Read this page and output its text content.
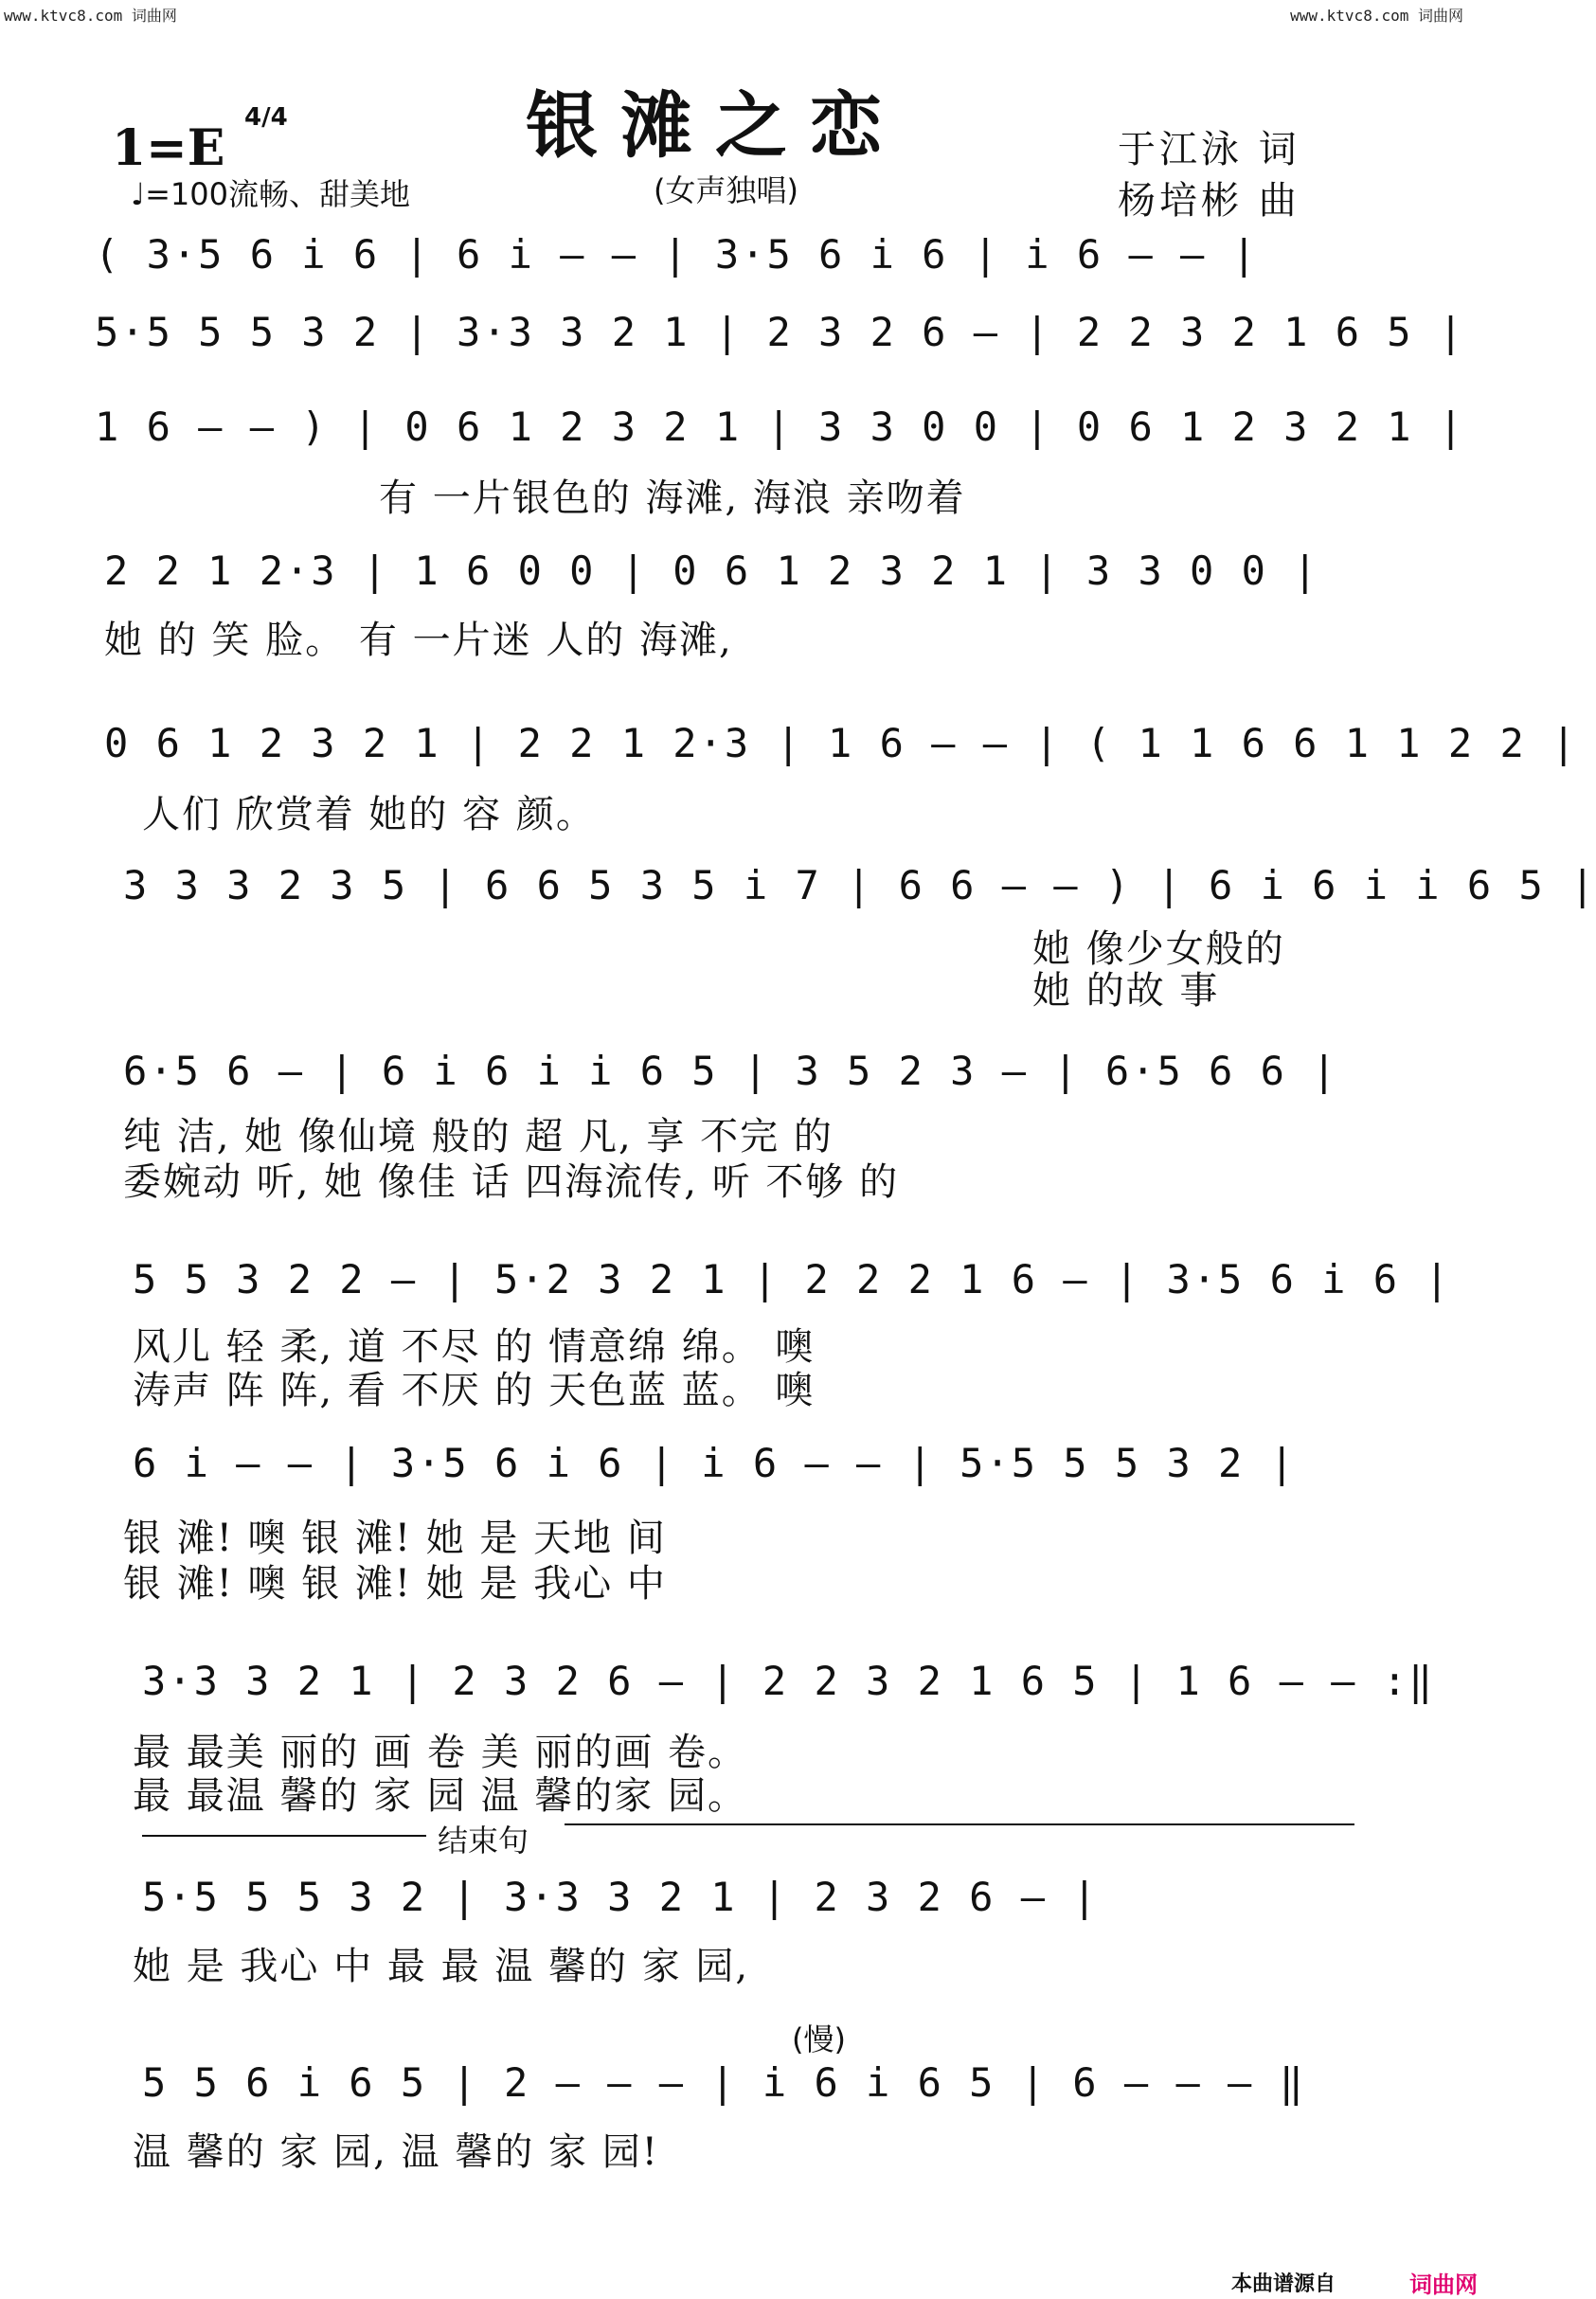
www.ktvc8.com 词曲网	www.ktvc8.com 词曲网
银滩之恋
1=E
4/4
♩=100流畅、甜美地	(女声独唱)
于江泳 词
杨培彬 曲
( 3·5 6 i 6 | 6 i — — | 3·5 6 i 6 | i 6 — — |
5·5 5 5 3 2 | 3·3 3 2 1 | 2 3 2 6 — | 2 2 3 2 1 6 5 |
1 6 — — ) | 0 6 1 2 3 2 1 | 3 3 0 0 | 0 6 1 2 3 2 1 |
有 一片银色的 海滩, 海浪 亲吻着
2 2 1 2·3 | 1 6 0 0 | 0 6 1 2 3 2 1 | 3 3 0 0 |
她 的 笑 脸。 有 一片迷 人的 海滩,
0 6 1 2 3 2 1 | 2 2 1 2·3 | 1 6 — — | ( 1 1 6 6 1 1 2 2 |
人们 欣赏着 她的 容 颜。
3 3 3 2 3 5 | 6 6 5 3 5 i 7 | 6 6 — — ) | 6 i 6 i i 6 5 |
她 像少女般的
她 的故 事
6·5 6 — | 6 i 6 i i 6 5 | 3 5 2 3 — | 6·5 6 6 |
纯 洁, 她 像仙境 般的 超 凡, 享 不完 的
委婉动 听, 她 像佳 话 四海流传, 听 不够 的
5 5 3 2 2 — | 5·2 3 2 1 | 2 2 2 1 6 — | 3·5 6 i 6 |
风儿 轻 柔, 道 不尽 的 情意绵 绵。 噢
涛声 阵 阵, 看 不厌 的 天色蓝 蓝。 噢
6 i — — | 3·5 6 i 6 | i 6 — — | 5·5 5 5 3 2 |
银 滩! 噢 银 滩! 她 是 天地 间
银 滩! 噢 银 滩! 她 是 我心 中
3·3 3 2 1 | 2 3 2 6 — | 2 2 3 2 1 6 5 | 1 6 — — :‖
最 最美 丽的 画 卷 美 丽的画 卷。
最 最温 馨的 家 园 温 馨的家 园。
结束句
5·5 5 5 3 2 | 3·3 3 2 1 | 2 3 2 6 — |
她 是 我心 中 最 最 温 馨的 家 园,
(慢)
5 5 6 i 6 5 | 2 — — — | i 6 i 6 5 | 6 — — — ‖
温 馨的 家 园, 温 馨的 家 园!
本曲谱源自	词曲网
